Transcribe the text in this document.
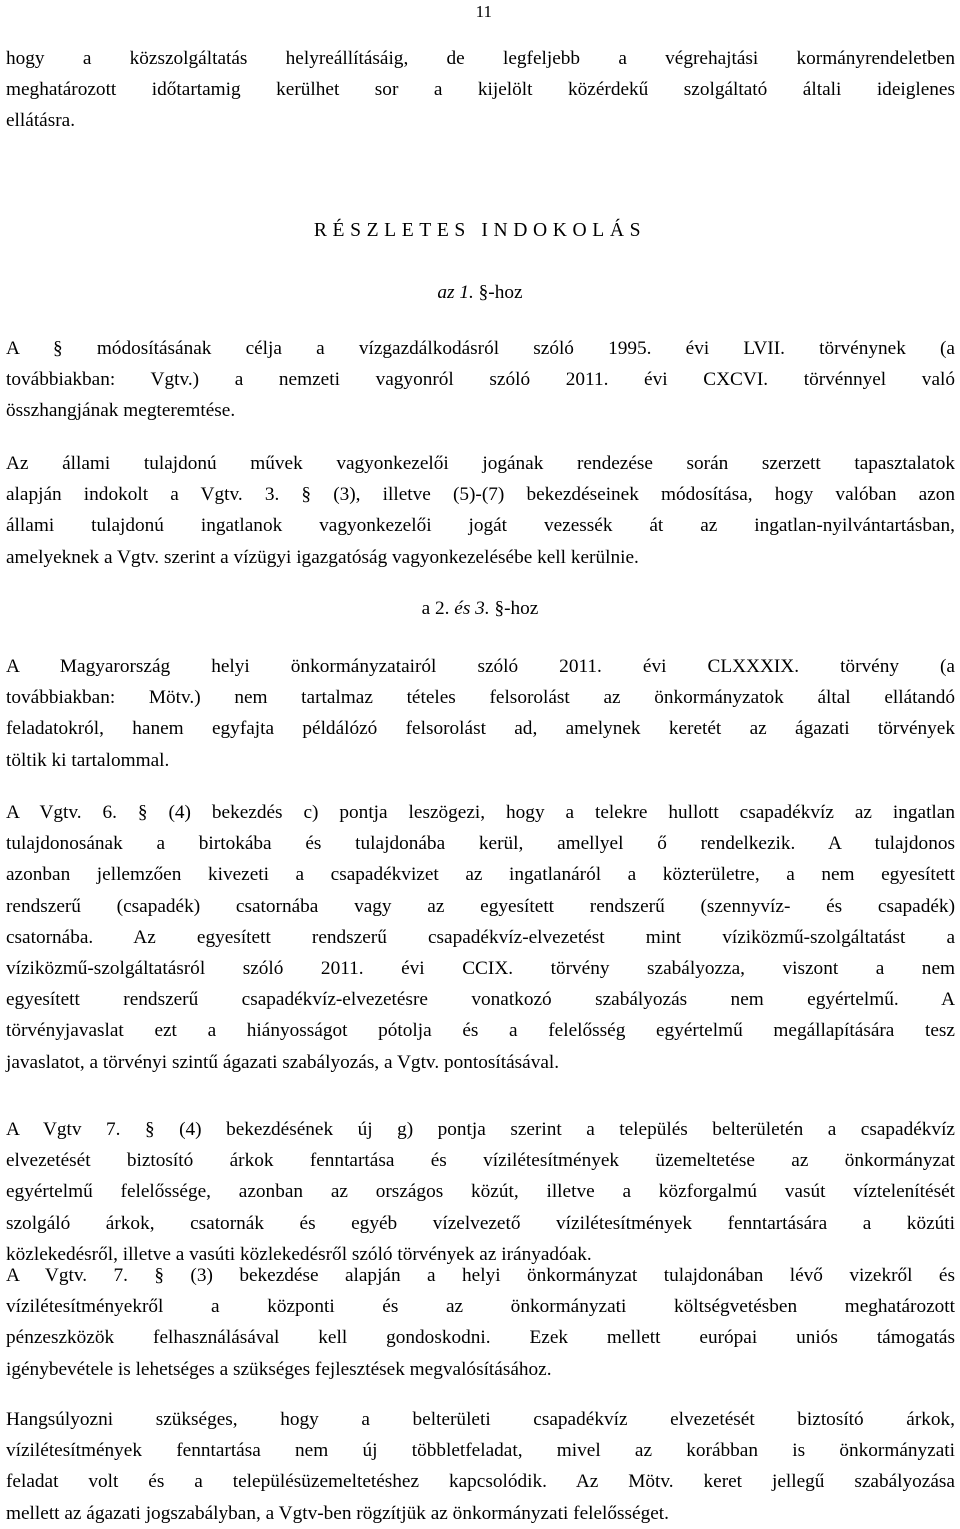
11

hogy a közszolgáltatás helyreállításáig, de legfeljebb a végrehajtási kormányrendeletben
meghatározott időtartamig kerülhet sor a kijelölt közérdekű szolgáltató általi ideiglenes
ellátásra.

RÉSZLETES INDOKOLÁS

az 1. §-hoz

A § módosításának célja a vízgazdálkodásról szóló 1995. évi LVII. törvénynek (a
továbbiakban: Vgtv.) a nemzeti vagyonról szóló 2011. évi CXCVI. törvénnyel való
összhangjának megteremtése.

Az állami tulajdonú művek vagyonkezelői jogának rendezése során szerzett tapasztalatok
alapján indokolt a Vgtv. 3. § (3), illetve (5)-(7) bekezdéseinek módosítása, hogy valóban azon
állami tulajdonú ingatlanok vagyonkezelői jogát vezessék át az ingatlan-nyilvántartásban,
amelyeknek a Vgtv. szerint a vízügyi igazgatóság vagyonkezelésébe kell kerülnie.

a 2. és 3. §-hoz

A Magyarország helyi önkormányzatairól szóló 2011. évi CLXXXIX. törvény (a
továbbiakban: Mötv.) nem tartalmaz tételes felsorolást az önkormányzatok által ellátandó
feladatokról, hanem egyfajta példálózó felsorolást ad, amelynek keretét az ágazati törvények
töltik ki tartalommal.

A Vgtv. 6. § (4) bekezdés c) pontja leszögezi, hogy a telekre hullott csapadékvíz az ingatlan
tulajdonosának a birtokába és tulajdonába kerül, amellyel ő rendelkezik. A tulajdonos
azonban jellemzően kivezeti a csapadékvizet az ingatlanáról a közterületre, a nem egyesített
rendszerű (csapadék) csatornába vagy az egyesített rendszerű (szennyvíz- és csapadék)
csatornába. Az egyesített rendszerű csapadékvíz-elvezetést mint víziközmű-szolgáltatást a
víziközmű-szolgáltatásról szóló 2011. évi CCIX. törvény szabályozza, viszont a nem
egyesített rendszerű csapadékvíz-elvezetésre vonatkozó szabályozás nem egyértelmű. A
törvényjavaslat ezt a hiányosságot pótolja és a felelősség egyértelmű megállapítására tesz
javaslatot, a törvényi szintű ágazati szabályozás, a Vgtv. pontosításával.

A Vgtv 7. § (4) bekezdésének új g) pontja szerint a település belterületén a csapadékvíz
elvezetését biztosító árkok fenntartása és vízilétesítmények üzemeltetése az önkormányzat
egyértelmű felelőssége, azonban az országos közút, illetve a közforgalmú vasút víztelenítését
szolgáló árkok, csatornák és egyéb vízelvezető vízilétesítmények fenntartására a közúti
közlekedésről, illetve a vasúti közlekedésről szóló törvények az irányadóak.

A Vgtv. 7. § (3) bekezdése alapján a helyi önkormányzat tulajdonában lévő vizekről és
vízilétesítményekről a központi és az önkormányzati költségvetésben meghatározott
pénzeszközök felhasználásával kell gondoskodni. Ezek mellett európai uniós támogatás
igénybevétele is lehetséges a szükséges fejlesztések megvalósításához.

Hangsúlyozni szükséges, hogy a belterületi csapadékvíz elvezetését biztosító árkok,
vízilétesítmények fenntartása nem új többletfeladat, mivel az korábban is önkormányzati
feladat volt és a településüzemeltetéshez kapcsolódik. Az Mötv. keret jellegű szabályozása
mellett az ágazati jogszabályban, a Vgtv-ben rögzítjük az önkormányzati felelősséget.
